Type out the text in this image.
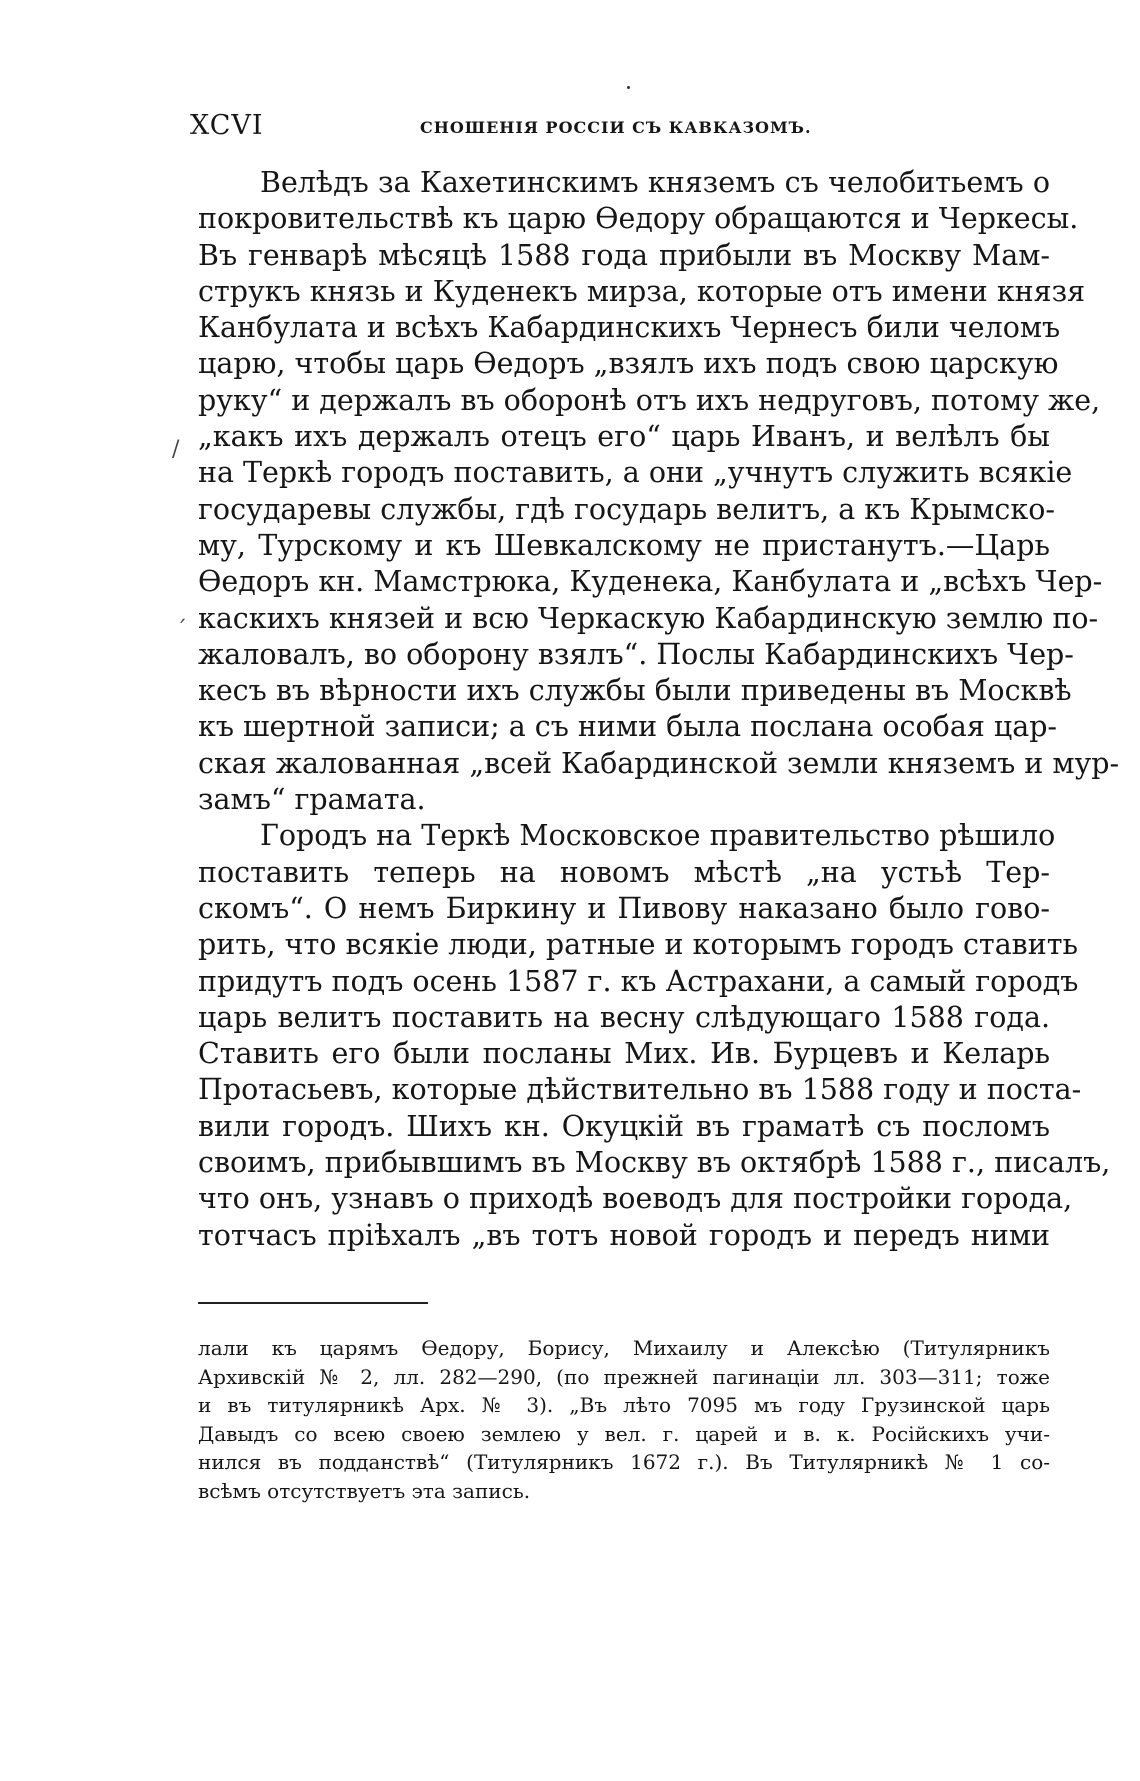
XCVI	СНОШЕНІЯ РОССІИ СЪ КАВКАЗОМЪ.
/
´
Велѣдъ за Кахетинскимъ княземъ съ челобитьемъ о
покровительствѣ къ царю Өедору обращаются и Черкесы.
Въ генварѣ мѣсяцѣ 1588 года прибыли въ Москву Мам-
струкъ князь и Куденекъ мирза, которые отъ имени князя
Канбулата и всѣхъ Кабардинскихъ Чернесъ били челомъ
царю, чтобы царь Өедоръ „взялъ ихъ подъ свою царскую
руку“ и держалъ въ оборонѣ отъ ихъ недруговъ, потому же,
„какъ ихъ держалъ отецъ его“ царь Иванъ, и велѣлъ бы
на Теркѣ городъ поставить, а они „учнутъ служить всякіе
государевы службы, гдѣ государь велитъ, а къ Крымско-
му, Турскому и къ Шевкалскому не пристанутъ.—Царь
Өедоръ кн. Мамстрюка, Куденека, Канбулата и „всѣхъ Чер-
каскихъ князей и всю Черкаскую Кабардинскую землю по-
жаловалъ, во оборону взялъ“. Послы Кабардинскихъ Чер-
кесъ въ вѣрности ихъ службы были приведены въ Москвѣ
къ шертной записи; а съ ними была послана особая цар-
ская жалованная „всей Кабардинской земли княземъ и мур-
замъ“ грамата.
Городъ на Теркѣ Московское правительство рѣшило
поставить теперь на новомъ мѣстѣ „на устьѣ Тер-
скомъ“. О немъ Биркину и Пивову наказано было гово-
рить, что всякіе люди, ратные и которымъ городъ ставить
придутъ подъ осень 1587 г. къ Астрахани, а самый городъ
царь велитъ поставить на весну слѣдующаго 1588 года.
Ставить его были посланы Мих. Ив. Бурцевъ и Келарь
Протасьевъ, которые дѣйствительно въ 1588 году и поста-
вили городъ. Шихъ кн. Окуцкій въ граматѣ съ посломъ
своимъ, прибывшимъ въ Москву въ октябрѣ 1588 г., писалъ,
что онъ, узнавъ о приходѣ воеводъ для постройки города,
тотчасъ пріѣхалъ „въ тотъ новой городъ и передъ ними
лали къ царямъ Өедору, Борису, Михаилу и Алексѣю (Титулярникъ
Архивскій № 2, лл. 282—290, (по прежней пагинаціи лл. 303—311; тоже
и въ титулярникѣ Арх. № 3). „Въ лѣто 7095 мъ году Грузинской царь
Давыдъ со всею своею землею у вел. г. царей и в. к. Російскихъ учи-
нился въ подданствѣ“ (Титулярникъ 1672 г.). Въ Титулярникѣ № 1 со-
всѣмъ отсутствуетъ эта запись.
